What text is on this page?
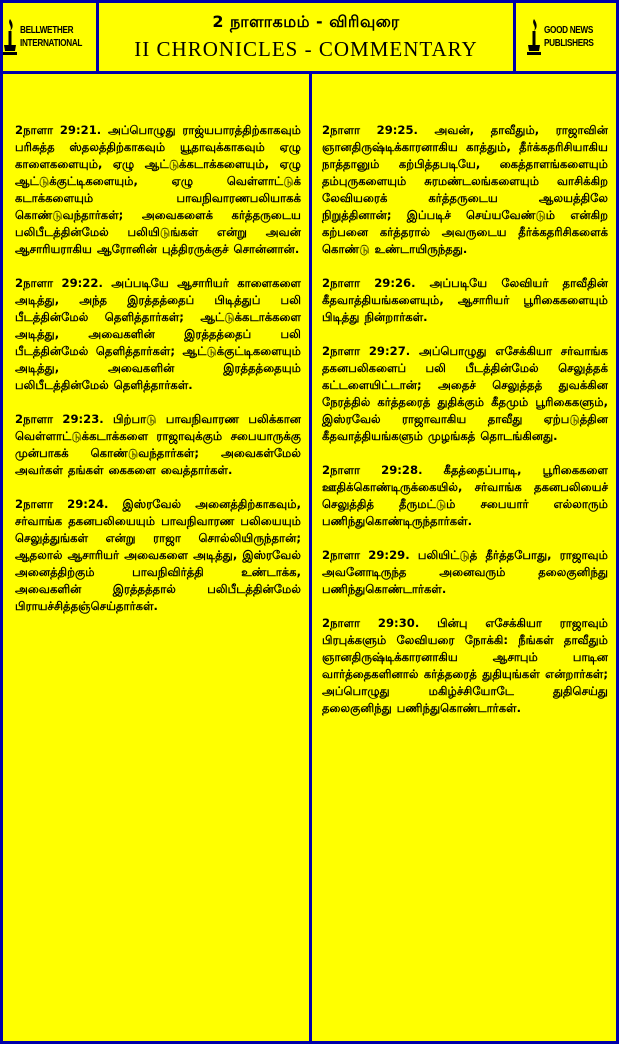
BELLWETHER
INTERNATIONAL
2 நாளாகமம் - விரிவுரை
II CHRONICLES - COMMENTARY
GOOD NEWS
PUBLISHERS

2நாளா 29:21. அப்பொழுது ராஜ்யபாரத்திற்காகவும் பரிசுத்த ஸ்தலத்திற்காகவும் யூதாவுக்காகவும் ஏழு காளைகளையும், ஏழு ஆட்டுக்கடாக்களையும், ஏழு ஆட்டுக்குட்டிகளையும், ஏழு வெள்ளாட்டுக் கடாக்களையும் பாவநிவாரணபலியாகக் கொண்டுவந்தார்கள்; அவைகளைக் கர்த்தருடைய பலிபீடத்தின்மேல் பலியிடுங்கள் என்று அவன் ஆசாரியராகிய ஆரோனின் புத்திரருக்குச் சொன்னான்.

2நாளா 29:22. அப்படியே ஆசாரியர் காளைகளை அடித்து, அந்த இரத்தத்தைப் பிடித்துப் பலி பீடத்தின்மேல் தெளித்தார்கள்; ஆட்டுக்கடாக்களை அடித்து, அவைகளின் இரத்தத்தைப் பலி பீடத்தின்மேல் தெளித்தார்கள்; ஆட்டுக்குட்டிகளையும் அடித்து, அவைகளின் இரத்தத்தையும் பலிபீடத்தின்மேல் தெளித்தார்கள்.

2நாளா 29:23. பிற்பாடு பாவநிவாரண பலிக்கான வெள்ளாட்டுக்கடாக்களை ராஜாவுக்கும் சபையாருக்கு முன்பாகக் கொண்டுவந்தார்கள்; அவைகள்மேல் அவர்கள் தங்கள் கைகளை வைத்தார்கள்.

2நாளா 29:24. இஸ்ரவேல் அனைத்திற்காகவும், சர்வாங்க தகனபலியையும் பாவநிவாரண பலியையும் செலுத்துங்கள் என்று ராஜா சொல்லியிருந்தான்; ஆதலால் ஆசாரியர் அவைகளை அடித்து, இஸ்ரவேல் அனைத்திற்கும் பாவநிவிர்த்தி உண்டாக்க, அவைகளின் இரத்தத்தால் பலிபீடத்தின்மேல் பிராயச்சித்தஞ்செய்தார்கள்.

2நாளா 29:25. அவன், தாவீதும், ராஜாவின் ஞானதிருஷ்டிக்காரனாகிய காத்தும், தீர்க்கதரிசியாகிய நாத்தானும் கற்பித்தபடியே, கைத்தாளங்களையும் தம்புருகளையும் சுரமண்டலங்களையும் வாசிக்கிற லேவியரைக் கர்த்தருடைய ஆலயத்திலே நிறுத்தினான்; இப்படிச் செய்யவேண்டும் என்கிற கற்பனை கர்த்தரால் அவருடைய தீர்க்கதரிசிகளைக் கொண்டு உண்டாயிருந்தது.

2நாளா 29:26. அப்படியே லேவியர் தாவீதின் கீதவாத்தியங்களையும், ஆசாரியர் பூரிகைகளையும் பிடித்து நின்றார்கள்.

2நாளா 29:27. அப்பொழுது எசேக்கியா சர்வாங்க தகனபலிகளைப் பலி பீடத்தின்மேல் செலுத்தக் கட்டளையிட்டான்; அதைச் செலுத்தத் துவக்கின நேரத்தில் கர்த்தரைத் துதிக்கும் கீதமும் பூரிகைகளும், இஸ்ரவேல் ராஜாவாகிய தாவீது ஏற்படுத்தின கீதவாத்தியங்களும் முழங்கத் தொடங்கினது.

2நாளா 29:28. கீதத்தைப்பாடி, பூரிகைகளை ஊதிக்கொண்டிருக்கையில், சர்வாங்க தகனபலியைச் செலுத்தித் தீருமட்டும் சபையார் எல்லாரும் பணிந்துகொண்டிருந்தார்கள்.

2நாளா 29:29. பலியிட்டுத் தீர்த்தபோது, ராஜாவும் அவனோடிருந்த அனைவரும் தலைகுனிந்து பணிந்துகொண்டார்கள்.

2நாளா 29:30. பின்பு எசேக்கியா ராஜாவும் பிரபுக்களும் லேவியரை நோக்கி: நீங்கள் தாவீதும் ஞானதிருஷ்டிக்காரனாகிய ஆசாபும் பாடின வார்த்தைகளினால் கர்த்தரைத் துதியுங்கள் என்றார்கள்; அப்பொழுது மகிழ்ச்சியோடே துதிசெய்து தலைகுனிந்து பணிந்துகொண்டார்கள்.
